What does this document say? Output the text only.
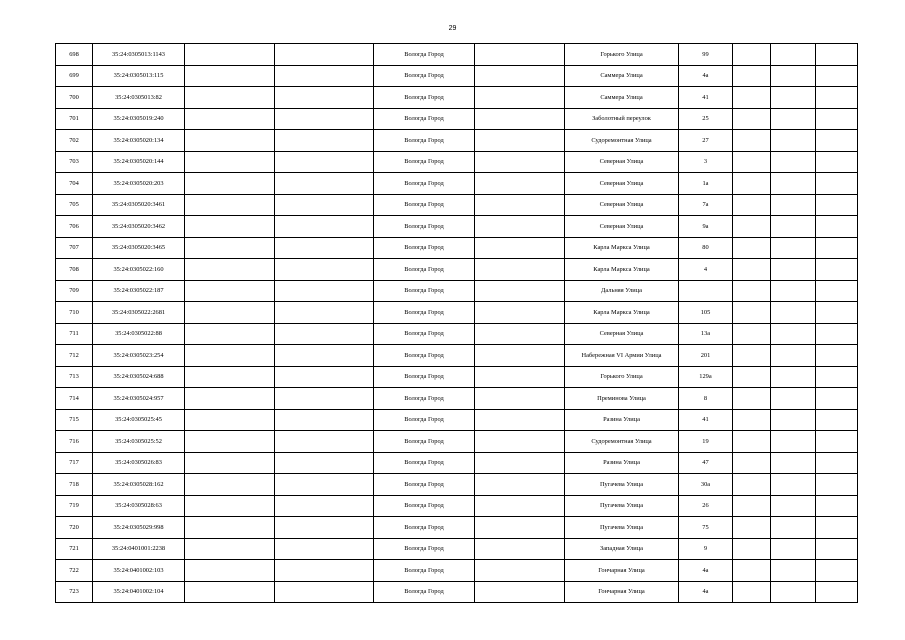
29
698	35:24:0305013:1143			Вологда Город		Горького Улица	99			
699	35:24:0305013:115			Вологда Город		Саммера Улица	4а			
700	35:24:0305013:82			Вологда Город		Саммера Улица	41			
701	35:24:0305019:240			Вологда Город		Заболотный переулок	25			
702	35:24:0305020:134			Вологда Город		Судоремонтная Улица	27			
703	35:24:0305020:144			Вологда Город		Северная Улица	3			
704	35:24:0305020:203			Вологда Город		Северная Улица	1а			
705	35:24:0305020:3461			Вологда Город		Северная Улица	7а			
706	35:24:0305020:3462			Вологда Город		Северная Улица	9а			
707	35:24:0305020:3465			Вологда Город		Карла Маркса Улица	80			
708	35:24:0305022:160			Вологда Город		Карла Маркса Улица	4			
709	35:24:0305022:187			Вологда Город		Дальняя Улица				
710	35:24:0305022:2681			Вологда Город		Карла Маркса Улица	105			
711	35:24:0305022:88			Вологда Город		Северная Улица	13а			
712	35:24:0305023:254			Вологда Город		Набережная VI Армии Улица	201			
713	35:24:0305024:688			Вологда Город		Горького Улица	129а			
714	35:24:0305024:957			Вологда Город		Преминова Улица	8			
715	35:24:0305025:45			Вологда Город		Разина Улица	41			
716	35:24:0305025:52			Вологда Город		Судоремонтная Улица	19			
717	35:24:0305026:83			Вологда Город		Разина Улица	47			
718	35:24:0305028:162			Вологда Город		Пугачева Улица	30а			
719	35:24:0305028:63			Вологда Город		Пугачева Улица	26			
720	35:24:0305029:998			Вологда Город		Пугачева Улица	75			
721	35:24:0401001:2238			Вологда Город		Западная Улица	9			
722	35:24:0401002:103			Вологда Город		Гончарная Улица	4а			
723	35:24:0401002:104			Вологда Город		Гончарная Улица	4а			
